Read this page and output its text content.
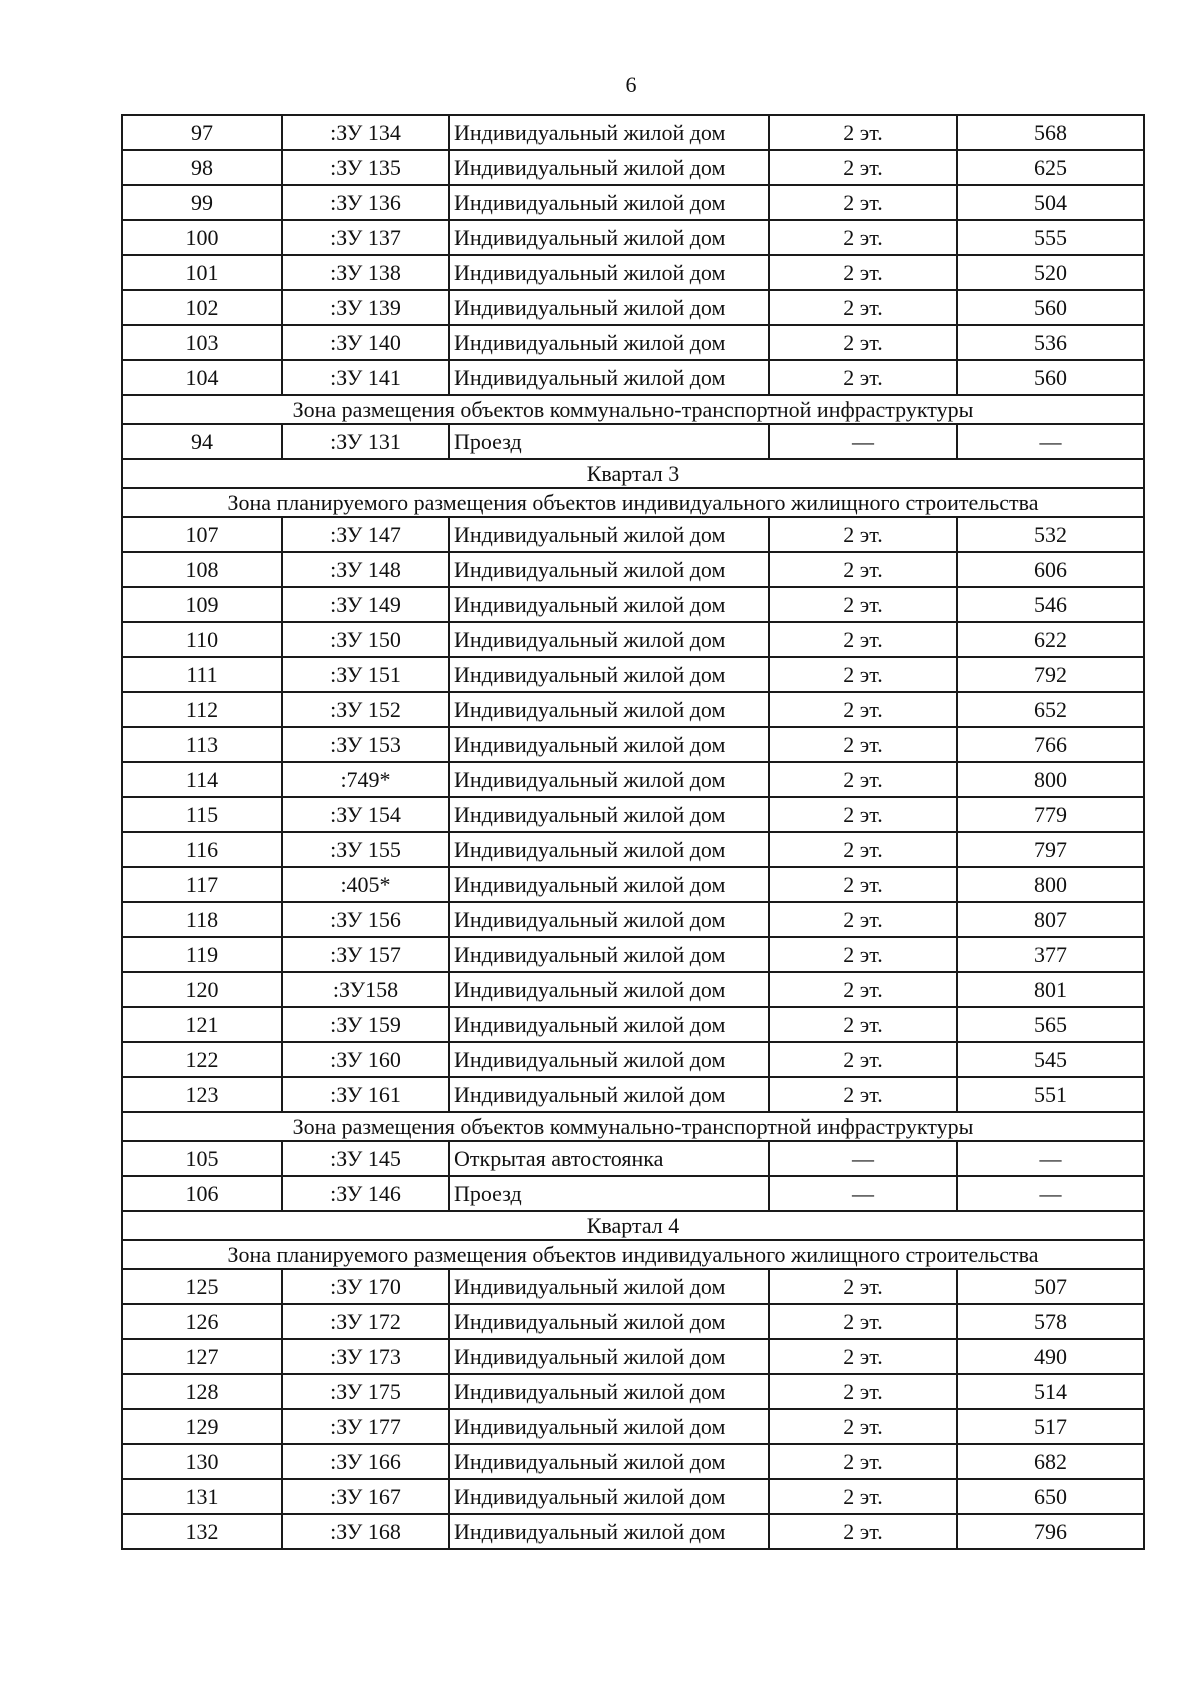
6
97	:ЗУ 134	Индивидуальный жилой дом	2 эт.	568
98	:ЗУ 135	Индивидуальный жилой дом	2 эт.	625
99	:ЗУ 136	Индивидуальный жилой дом	2 эт.	504
100	:ЗУ 137	Индивидуальный жилой дом	2 эт.	555
101	:ЗУ 138	Индивидуальный жилой дом	2 эт.	520
102	:ЗУ 139	Индивидуальный жилой дом	2 эт.	560
103	:ЗУ 140	Индивидуальный жилой дом	2 эт.	536
104	:ЗУ 141	Индивидуальный жилой дом	2 эт.	560
Зона размещения объектов коммунально-транспортной инфраструктуры				
94	:ЗУ 131	Проезд	—	—
Квартал 3				
Зона планируемого размещения объектов индивидуального жилищного строительства				
107	:ЗУ 147	Индивидуальный жилой дом	2 эт.	532
108	:ЗУ 148	Индивидуальный жилой дом	2 эт.	606
109	:ЗУ 149	Индивидуальный жилой дом	2 эт.	546
110	:ЗУ 150	Индивидуальный жилой дом	2 эт.	622
111	:ЗУ 151	Индивидуальный жилой дом	2 эт.	792
112	:ЗУ 152	Индивидуальный жилой дом	2 эт.	652
113	:ЗУ 153	Индивидуальный жилой дом	2 эт.	766
114	:749*	Индивидуальный жилой дом	2 эт.	800
115	:ЗУ 154	Индивидуальный жилой дом	2 эт.	779
116	:ЗУ 155	Индивидуальный жилой дом	2 эт.	797
117	:405*	Индивидуальный жилой дом	2 эт.	800
118	:ЗУ 156	Индивидуальный жилой дом	2 эт.	807
119	:ЗУ 157	Индивидуальный жилой дом	2 эт.	377
120	:ЗУ158	Индивидуальный жилой дом	2 эт.	801
121	:ЗУ 159	Индивидуальный жилой дом	2 эт.	565
122	:ЗУ 160	Индивидуальный жилой дом	2 эт.	545
123	:ЗУ 161	Индивидуальный жилой дом	2 эт.	551
Зона размещения объектов коммунально-транспортной инфраструктуры				
105	:ЗУ 145	Открытая автостоянка	—	—
106	:ЗУ 146	Проезд	—	—
Квартал 4				
Зона планируемого размещения объектов индивидуального жилищного строительства				
125	:ЗУ 170	Индивидуальный жилой дом	2 эт.	507
126	:ЗУ 172	Индивидуальный жилой дом	2 эт.	578
127	:ЗУ 173	Индивидуальный жилой дом	2 эт.	490
128	:ЗУ 175	Индивидуальный жилой дом	2 эт.	514
129	:ЗУ 177	Индивидуальный жилой дом	2 эт.	517
130	:ЗУ 166	Индивидуальный жилой дом	2 эт.	682
131	:ЗУ 167	Индивидуальный жилой дом	2 эт.	650
132	:ЗУ 168	Индивидуальный жилой дом	2 эт.	796
